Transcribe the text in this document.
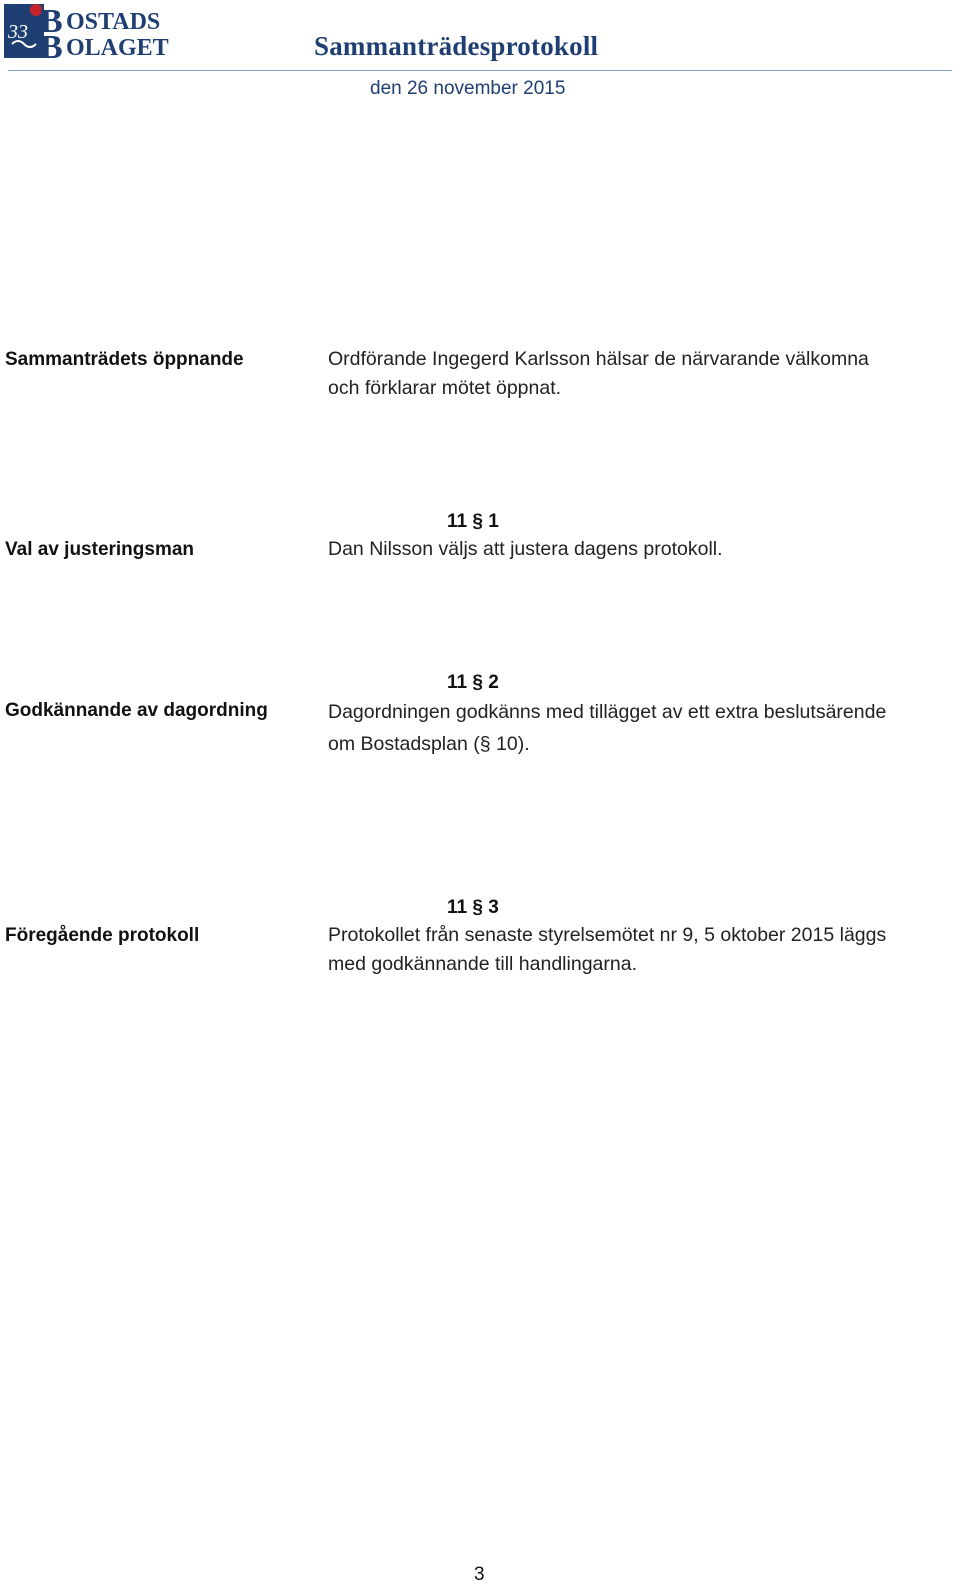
33 B OSTADS
B OLAGET	Sammanträdesprotokoll
den 26 november 2015
Sammanträdets öppnande	Ordförande Ingegerd Karlsson hälsar de närvarande välkomna
och förklarar mötet öppnat.
11 § 1
Val av justeringsman	Dan Nilsson väljs att justera dagens protokoll.
11 § 2
Godkännande av dagordning	Dagordningen godkänns med tillägget av ett extra beslutsärende
om Bostadsplan (§ 10).
11 § 3
Föregående protokoll	Protokollet från senaste styrelsemötet nr 9, 5 oktober 2015 läggs
med godkännande till handlingarna.
3
